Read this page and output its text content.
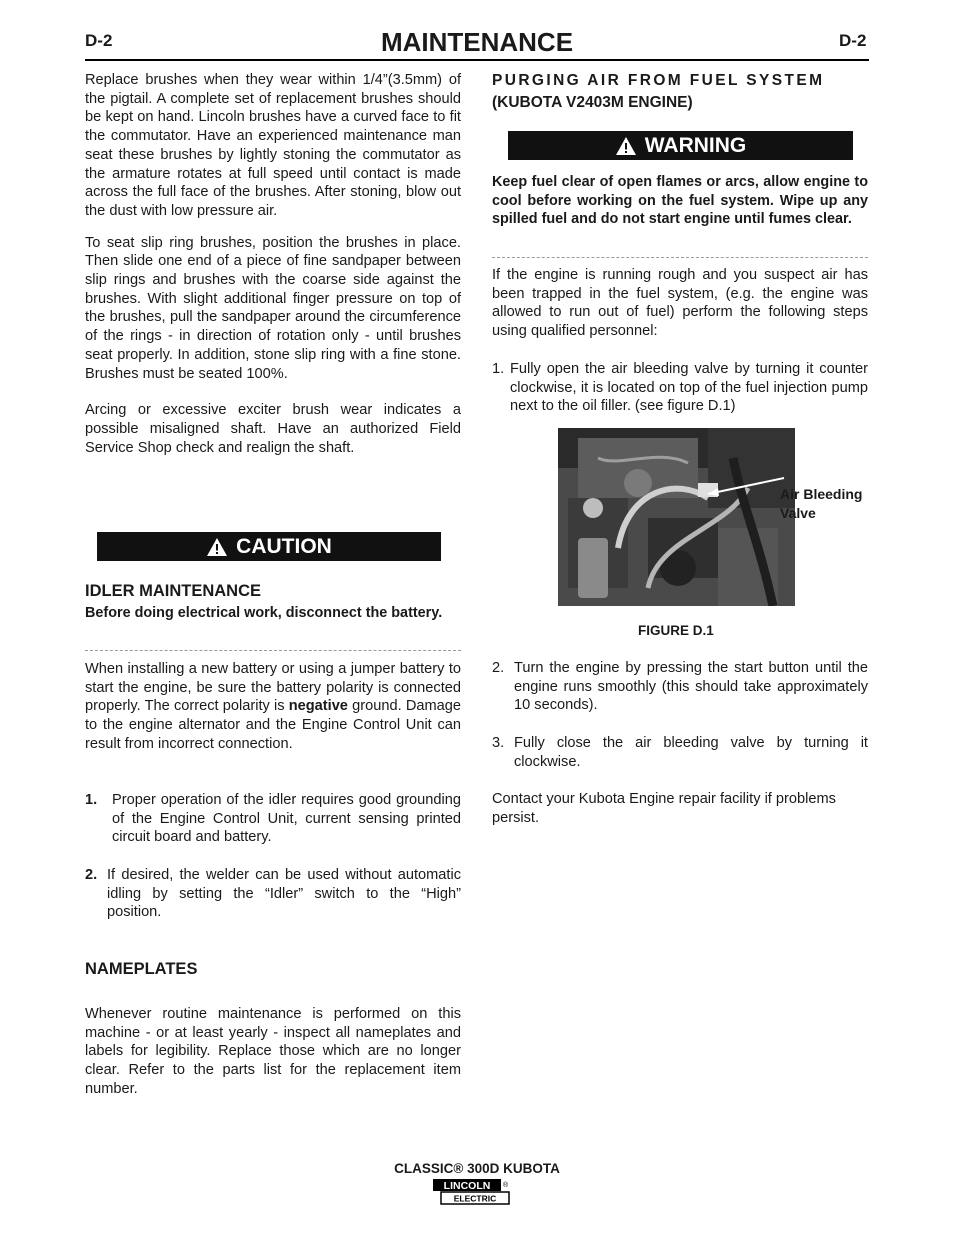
D-2	MAINTENANCE	D-2

Replace brushes when they wear within 1/4”(3.5mm) of the pigtail. A complete set of replacement brushes should be kept on hand. Lincoln brushes have a curved face to fit the commutator. Have an experienced maintenance man seat these brushes by lightly stoning the commutator as the armature rotates at full speed until contact is made across the full face of the brushes. After stoning, blow out the dust with low pressure air.

To seat slip ring brushes, position the brushes in place. Then slide one end of a piece of fine sandpaper between slip rings and brushes with the coarse side against the brushes. With slight additional finger pressure on top of the brushes, pull the sandpaper around the circumference of the rings - in direction of rotation only - until brushes seat properly. In addition, stone slip ring with a fine stone. Brushes must be seated 100%.

Arcing or excessive exciter brush wear indicates a possible misaligned shaft. Have an authorized Field Service Shop check and realign the shaft.

CAUTION
IDLER MAINTENANCE
Before doing electrical work, disconnect the battery.
When installing a new battery or using a jumper battery to start the engine, be sure the battery polarity is connected properly. The correct polarity is negative ground. Damage to the engine alternator and the Engine Control Unit can result from incorrect connection.
1.	Proper operation of the idler requires good grounding of the Engine Control Unit, current sensing printed circuit board and battery.
2. If desired, the welder can be used without automatic idling by setting the “Idler” switch to the “High” position.
NAMEPLATES
Whenever routine maintenance is performed on this machine - or at least yearly - inspect all nameplates and labels for legibility. Replace those which are no longer clear. Refer to the parts list for the replacement item number.
PURGING AIR FROM FUEL SYSTEM
(KUBOTA V2403M ENGINE)
WARNING
Keep fuel clear of open flames or arcs, allow engine to cool before working on the fuel system. Wipe up any spilled fuel and do not start engine until fumes clear.
If the engine is running rough and you suspect air has been trapped in the fuel system, (e.g. the engine was allowed to run out of fuel) perform the following steps using qualified personnel:
1. Fully open the air bleeding valve by turning it counter clockwise, it is located on top of the fuel injection pump next to the oil filler. (see figure D.1)
Air Bleeding
Valve
FIGURE D.1
2. Turn the engine by pressing the start button until the engine runs smoothly (this should take approximately 10 seconds).
3. Fully close the air bleeding valve by turning it clockwise.
Contact your Kubota Engine repair facility if problems persist.
CLASSIC® 300D KUBOTA
LINCOLN
ELECTRIC
®
